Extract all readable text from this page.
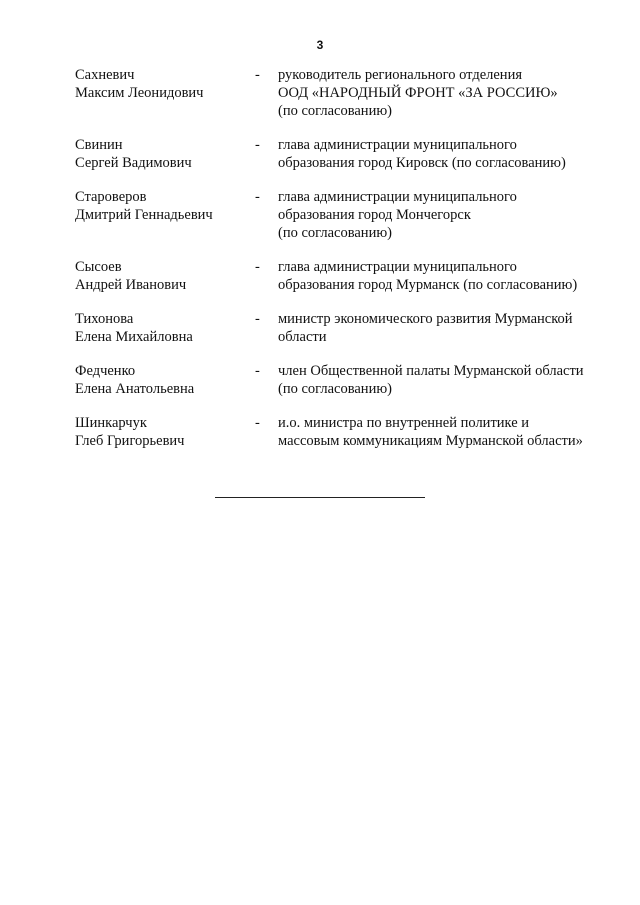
3
Сахневич
Максим Леонидович
- руководитель регионального отделения
ООД «НАРОДНЫЙ ФРОНТ «ЗА РОССИЮ»
(по согласованию)
Свинин
Сергей Вадимович
- глава администрации муниципального
образования город Кировск (по согласованию)
Староверов
Дмитрий Геннадьевич
- глава администрации муниципального
образования город Мончегорск
(по согласованию)
Сысоев
Андрей Иванович
- глава администрации муниципального
образования город Мурманск (по согласованию)
Тихонова
Елена Михайловна
- министр экономического развития Мурманской
области
Федченко
Елена Анатольевна
- член Общественной палаты Мурманской области
(по согласованию)
Шинкарчук
Глеб Григорьевич
- и.о. министра по внутренней политике и
массовым коммуникациям Мурманской области»
